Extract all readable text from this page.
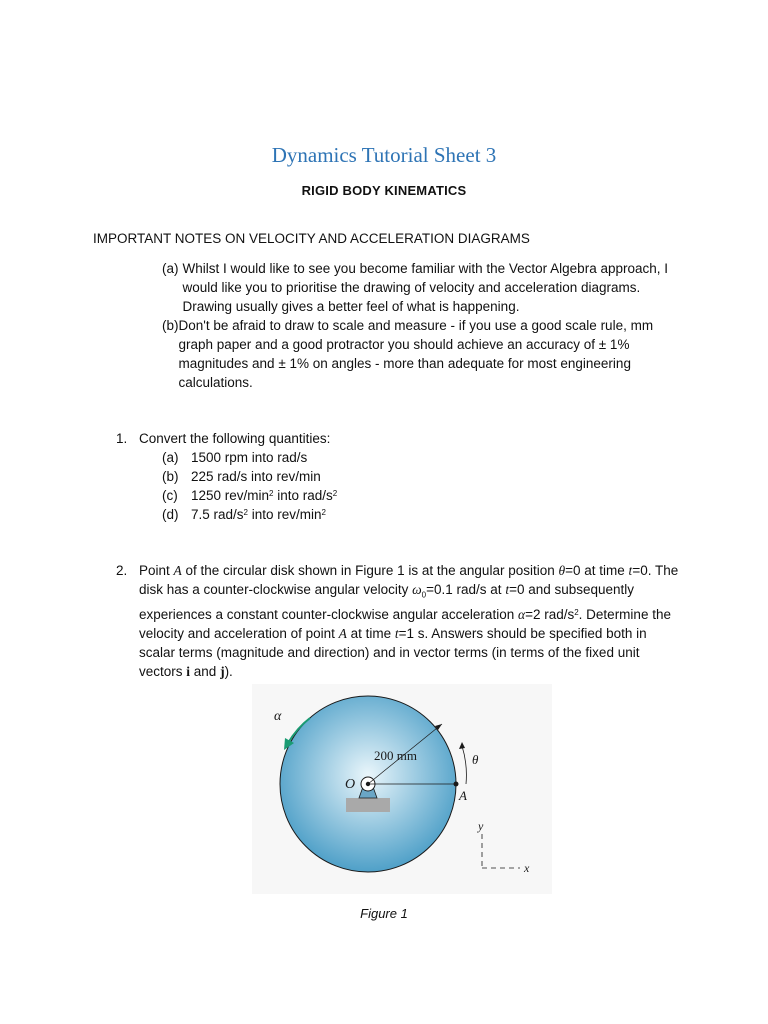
Dynamics Tutorial Sheet 3
RIGID BODY KINEMATICS
IMPORTANT NOTES ON VELOCITY AND ACCELERATION DIAGRAMS
(a) Whilst I would like to see you become familiar with the Vector Algebra approach, I would like you to prioritise the drawing of velocity and acceleration diagrams. Drawing usually gives a better feel of what is happening.
(b) Don't be afraid to draw to scale and measure - if you use a good scale rule, mm graph paper and a good protractor you should achieve an accuracy of ± 1% magnitudes and ± 1% on angles - more than adequate for most engineering calculations.
1. Convert the following quantities:
(a) 1500 rpm into rad/s
(b) 225 rad/s into rev/min
(c) 1250 rev/$\min^2$ into rad/$s^2$
(d) 7.5 rad/$s^2$ into rev/$\min^2$
2. Point A of the circular disk shown in Figure 1 is at the angular position θ=0 at time t=0. The disk has a counter-clockwise angular velocity $\omega_0=0.1$ rad/s at t=0 and subsequently experiences a constant counter-clockwise angular acceleration α=2 rad/$s^2$. Determine the velocity and acceleration of point A at time t=1 s. Answers should be specified both in scalar terms (magnitude and direction) and in vector terms (in terms of the fixed unit vectors i and j).
α
200 mm	θ
O
A
y
x
Figure 1
